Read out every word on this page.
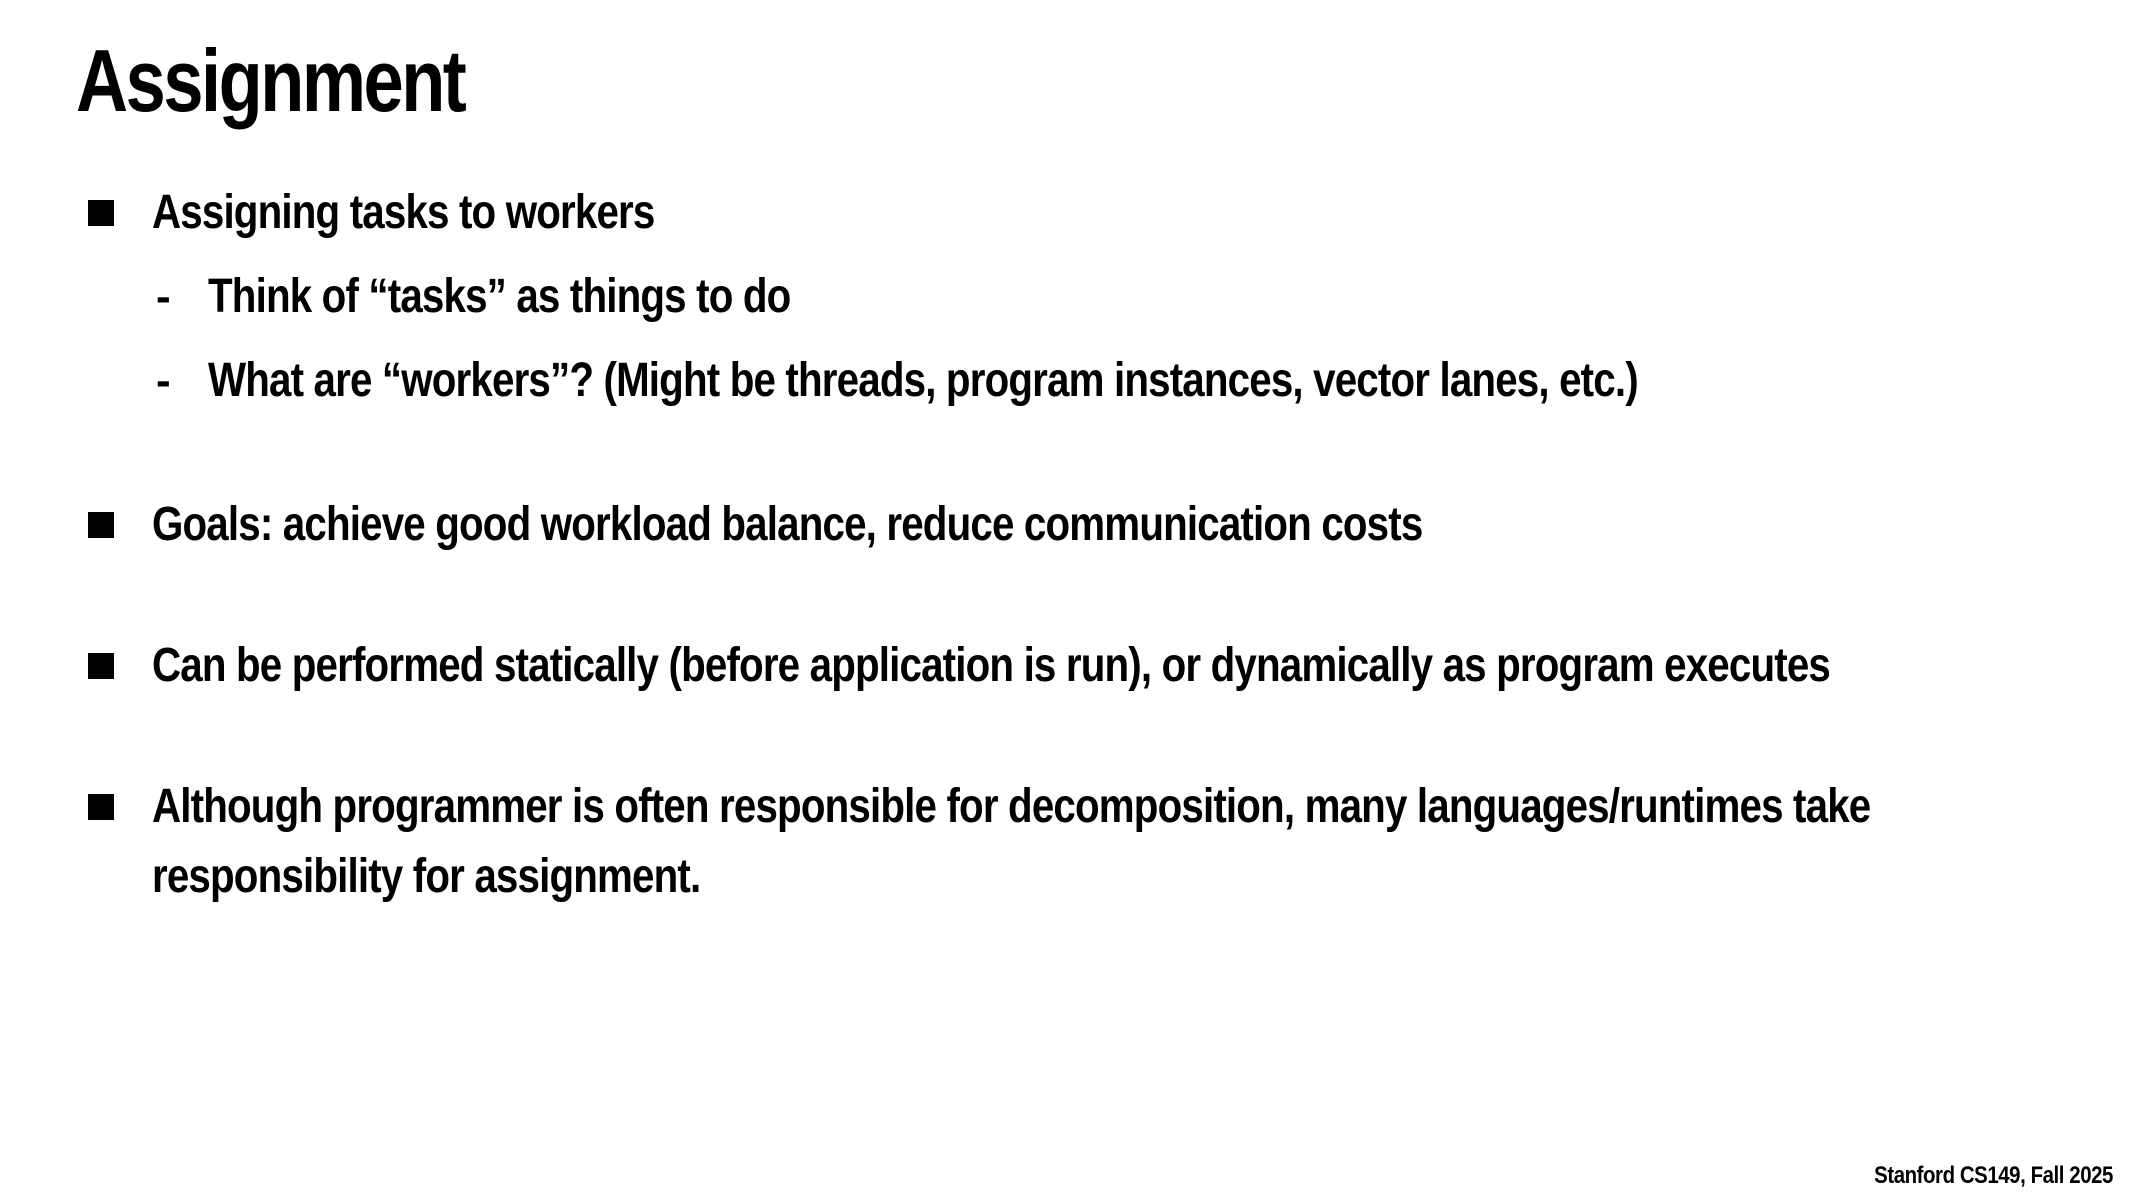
Assignment

Assigning tasks to workers

- Think of “tasks” as things to do

- What are “workers”? (Might be threads, program instances, vector lanes, etc.)

Goals: achieve good workload balance, reduce communication costs

Can be performed statically (before application is run), or dynamically as program executes

Although programmer is often responsible for decomposition, many languages/runtimes take

responsibility for assignment.

Stanford CS149, Fall 2025
